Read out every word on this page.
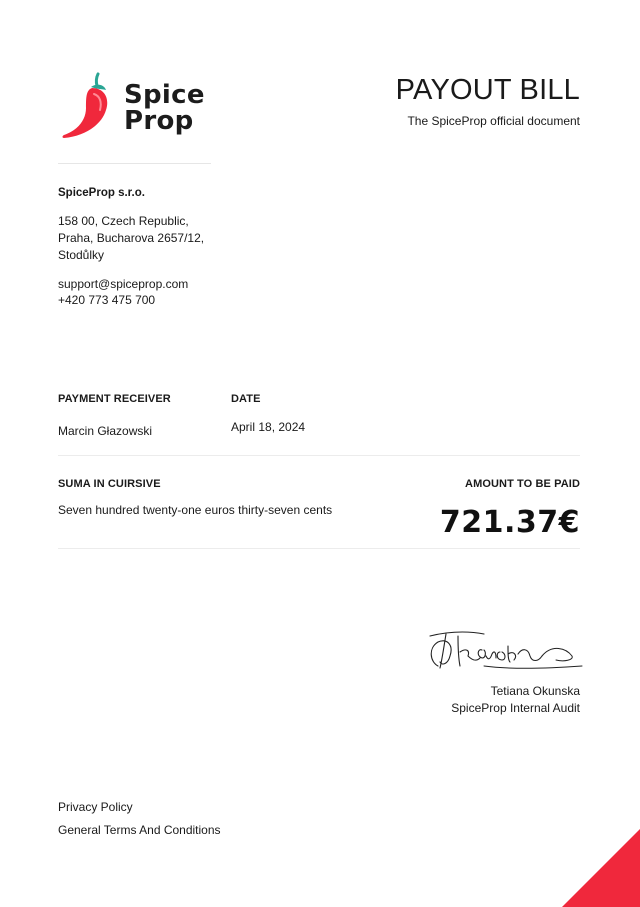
Spice
Prop
PAYOUT BILL
The SpiceProp official document
SpiceProp s.r.o.
158 00, Czech Republic,
Praha, Bucharova 2657/12,
Stodůlky
support@spiceprop.com
+420 773 475 700
PAYMENT RECEIVER
Marcin Głazowski
DATE
April 18, 2024
SUMA IN CUIRSIVE
Seven hundred twenty-one euros thirty-seven cents
AMOUNT TO BE PAID
721.37€
Tetiana Okunska
SpiceProp Internal Audit
Privacy Policy
General Terms And Conditions
